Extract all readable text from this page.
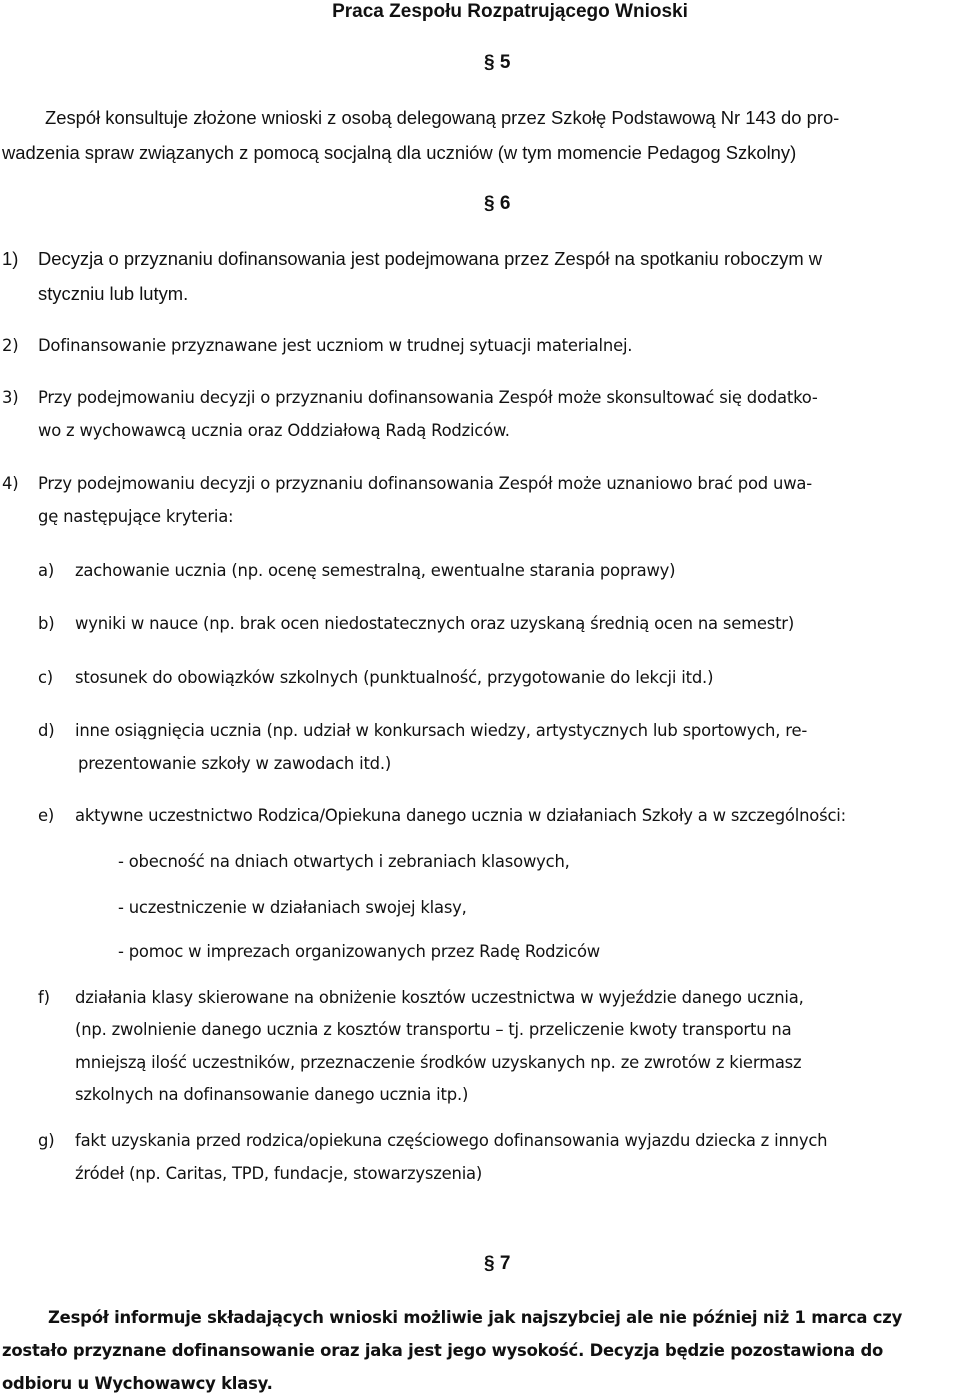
Praca Zespołu Rozpatrującego Wnioski
§ 5
Zespół konsultuje złożone wnioski z osobą delegowaną przez Szkołę Podstawową Nr 143 do pro-
wadzenia spraw związanych z pomocą socjalną dla uczniów (w tym momencie Pedagog Szkolny)
§ 6
1) Decyzja o przyznaniu dofinansowania jest podejmowana przez Zespół na spotkaniu roboczym w
styczniu lub lutym.
2) Dofinansowanie przyznawane jest uczniom w trudnej sytuacji materialnej.
3) Przy podejmowaniu decyzji o przyznaniu dofinansowania Zespół może skonsultować się dodatko-
wo z wychowawcą ucznia oraz Oddziałową Radą Rodziców.
4) Przy podejmowaniu decyzji o przyznaniu dofinansowania Zespół może uznaniowo brać pod uwa-
gę następujące kryteria:
a) zachowanie ucznia (np. ocenę semestralną, ewentualne starania poprawy)
b) wyniki w nauce (np. brak ocen niedostatecznych oraz uzyskaną średnią ocen na semestr)
c) stosunek do obowiązków szkolnych (punktualność, przygotowanie do lekcji itd.)
d) inne osiągnięcia ucznia (np. udział w konkursach wiedzy, artystycznych lub sportowych, re-
prezentowanie szkoły w zawodach itd.)
e) aktywne uczestnictwo Rodzica/Opiekuna danego ucznia w działaniach Szkoły a w szczególności:
- obecność na dniach otwartych i zebraniach klasowych,
- uczestniczenie w działaniach swojej klasy,
- pomoc w imprezach organizowanych przez Radę Rodziców
f) działania klasy skierowane na obniżenie kosztów uczestnictwa w wyjeździe danego ucznia,
(np. zwolnienie danego ucznia z kosztów transportu – tj. przeliczenie kwoty transportu na
mniejszą ilość uczestników, przeznaczenie środków uzyskanych np. ze zwrotów z kiermasz
szkolnych na dofinansowanie danego ucznia itp.)
g) fakt uzyskania przed rodzica/opiekuna częściowego dofinansowania wyjazdu dziecka z innych
źródeł (np. Caritas, TPD, fundacje, stowarzyszenia)
§ 7
Zespół informuje składających wnioski możliwie jak najszybciej ale nie później niż 1 marca czy
zostało przyznane dofinansowanie oraz jaka jest jego wysokość. Decyzja będzie pozostawiona do
odbioru u Wychowawcy klasy.
